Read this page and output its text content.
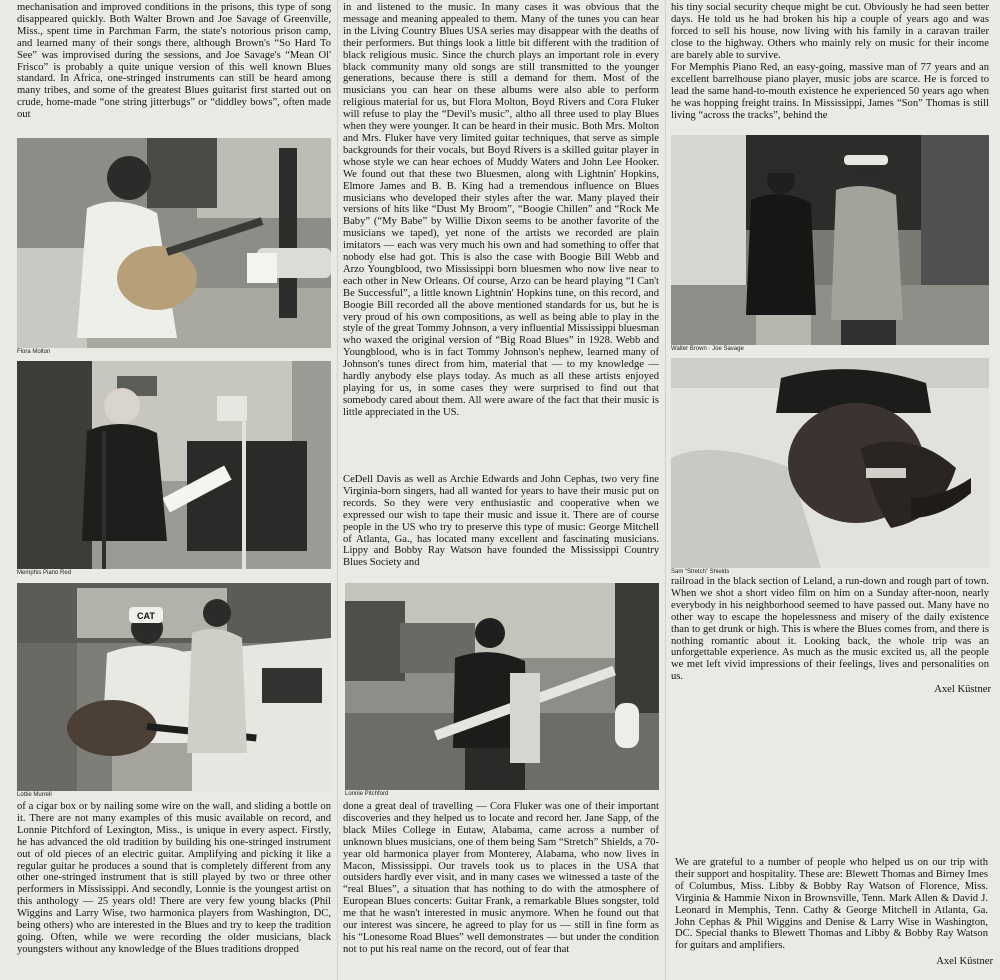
mechanisation and improved conditions in the prisons, this type of song disappeared quickly. Both Walter Brown and Joe Savage of Greenville, Miss., spent time in Parchman Farm, the state's notorious prison camp, and learned many of their songs there, although Brown's “So Hard To See” was improvised during the sessions, and Joe Savage's “Mean Ol' Frisco” is probably a quite unique version of this well known Blues standard. In Africa, one-stringed instruments can still be heard among many tribes, and some of the greatest Blues guitarist first started out on crude, home-made “one string jitterbugs” or “diddley bows”, often made out

Flora Molton
Memphis Piano Red
CAT
Lottie Murrell

of a cigar box or by nailing some wire on the wall, and sliding a bottle on it. There are not many examples of this music available on record, and Lonnie Pitchford of Lexington, Miss., is unique in every aspect. Firstly, he has advanced the old tradition by building his one-stringed instrument out of old pieces of an electric guitar. Amplifying and picking it like a regular guitar he produces a sound that is completely different from any other one-stringed instrument that is still played by two or three other performers in Mississippi. And secondly, Lonnie is the youngest artist on this anthology — 25 years old! There are very few young blacks (Phil Wiggins and Larry Wise, two harmonica players from Washington, DC, being others) who are interested in the Blues and try to keep the tradition going. Often, while we were recording the older musicians, black youngsters without any knowledge of the Blues traditions dropped

in and listened to the music. In many cases it was obvious that the message and meaning appealed to them. Many of the tunes you can hear in the Living Country Blues USA series may disappear with the deaths of their performers. But things look a little bit different with the tradition of black religious music. Since the church plays an important role in every black community many old songs are still transmitted to the younger generations, because there is still a demand for them. Most of the musicians you can hear on these albums were also able to perform religious material for us, but Flora Molton, Boyd Rivers and Cora Fluker will refuse to play the “Devil's music”, altho all three used to play Blues when they were younger. It can be heard in their music. Both Mrs. Molton and Mrs. Fluker have very limited guitar techniques, that serve as simple backgrounds for their vocals, but Boyd Rivers is a skilled guitar player in whose style we can hear echoes of Muddy Waters and John Lee Hooker. We found out that these two Bluesmen, along with Lightnin' Hopkins, Elmore James and B. B. King had a tremendous influence on Blues musicians who developed their styles after the war. Many played their versions of hits like “Dust My Broom”, “Boogie Chillen” and “Rock Me Baby” (“My Babe” by Willie Dixon seems to be another favorite of the musicians we taped), yet none of the artists we recorded are plain imitators — each was very much his own and had something to offer that nobody else had got. This is also the case with Boogie Bill Webb and Arzo Youngblood, two Mississippi born bluesmen who now live near to each other in New Orleans. Of course, Arzo can be heard playing “I Can't Be Successful”, a little known Lightnin' Hopkins tune, on this record, and Boogie Bill recorded all the above mentioned standards for us, but he is very proud of his own compositions, as well as being able to play in the style of the great Tommy Johnson, a very influential Mississippi bluesman who waxed the original version of “Big Road Blues” in 1928. Webb and Youngblood, who is in fact Tommy Johnson's nephew, learned many of Johnson's tunes direct from him, material that — to my knowledge — hardly anybody else plays today. As much as all these artists enjoyed playing for us, in some cases they were surprised to find out that somebody cared about them. All were aware of the fact that their music is little appreciated in the US.

CeDell Davis as well as Archie Edwards and John Cephas, two very fine Virginia-born singers, had all wanted for years to have their music put on records. So they were very enthusiastic and cooperative when we expressed our wish to tape their music and issue it. There are of course people in the US who try to preserve this type of music: George Mitchell of Atlanta, Ga., has located many excellent and fascinating musicians. Lippy and Bobby Ray Watson have founded the Mississippi Country Blues Society and

Lonnie Pitchford

done a great deal of travelling — Cora Fluker was one of their important discoveries and they helped us to locate and record her. Jane Sapp, of the black Miles College in Eutaw, Alabama, came across a number of unknown blues musicians, one of them being Sam “Stretch” Shields, a 70-year old harmonica player from Monterey, Alabama, who now lives in Macon, Mississippi. Our travels took us to places in the USA that outsiders hardly ever visit, and in many cases we witnessed a taste of the “real Blues”, a situation that has nothing to do with the atmosphere of European Blues concerts: Guitar Frank, a remarkable Blues songster, told me that he wasn't interested in music anymore. When he found out that our interest was sincere, he agreed to play for us — still in fine form as his “Lonesome Road Blues” well demonstrates — but under the condition not to put his real name on the record, out of fear that

his tiny social security cheque might be cut. Obviously he had seen better days. He told us he had broken his hip a couple of years ago and was forced to sell his house, now living with his family in a caravan trailer close to the highway. Others who mainly rely on music for their income are barely able to survive.

For Memphis Piano Red, an easy-going, massive man of 77 years and an excellent barrelhouse piano player, music jobs are scarce. He is forced to lead the same hand-to-mouth existence he experienced 50 years ago when he was hopping freight trains. In Mississippi, James “Son” Thomas is still living “across the tracks”, behind the

Walter Brown · Joe Savage
Sam “Stretch” Shields

railroad in the black section of Leland, a run-down and rough part of town. When we shot a short video film on him on a Sunday after-noon, nearly everybody in his neighborhood seemed to have passed out. Many have no other way to escape the hopelessness and misery of the daily existence than to get drunk or high. This is where the Blues comes from, and there is nothing romantic about it. Looking back, the whole trip was an unforgettable experience. As much as the music excited us, all the people we met left vivid impressions of their feelings, lives and personalities on us.

Axel Küstner

We are grateful to a number of people who helped us on our trip with their support and hospitality. These are: Blewett Thomas and Birney Imes of Columbus, Miss. Libby & Bobby Ray Watson of Florence, Miss. Virginia & Hammie Nixon in Brownsville, Tenn. Mark Allen & David J. Leonard in Memphis, Tenn. Cathy & George Mitchell in Atlanta, Ga. John Cephas & Phil Wiggins and Denise & Larry Wise in Washington, DC. Special thanks to Blewett Thomas and Libby & Bobby Ray Watson for guitars and amplifiers.

Axel Küstner
